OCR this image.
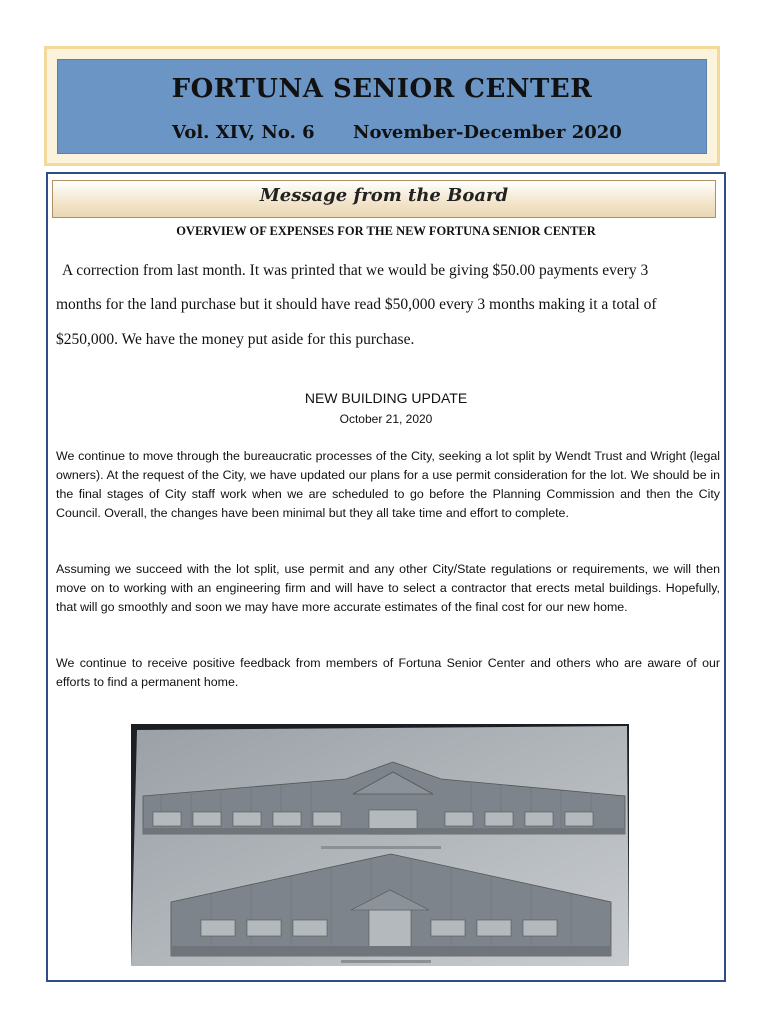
FORTUNA SENIOR CENTER
Vol. XIV, No. 6 November-December 2020
Message from the Board
OVERVIEW OF EXPENSES FOR THE NEW FORTUNA SENIOR CENTER
A correction from last month. It was printed that we would be giving $50.00 payments every 3
months for the land purchase but it should have read $50,000 every 3 months making it a total of
$250,000. We have the money put aside for this purchase.
NEW BUILDING UPDATE
October 21, 2020
We continue to move through the bureaucratic processes of the City, seeking a lot split by Wendt Trust and Wright (legal owners). At the request of the City, we have updated our plans for a use permit consideration for the lot. We should be in the final stages of City staff work when we are scheduled to go before the Planning Commission and then the City Council. Overall, the changes have been minimal but they all take time and effort to complete.
Assuming we succeed with the lot split, use permit and any other City/State regulations or requirements, we will then move on to working with an engineering firm and will have to select a contractor that erects metal buildings. Hopefully, that will go smoothly and soon we may have more accurate estimates of the final cost for our new home.
We continue to receive positive feedback from members of Fortuna Senior Center and others who are aware of our efforts to find a permanent home.
